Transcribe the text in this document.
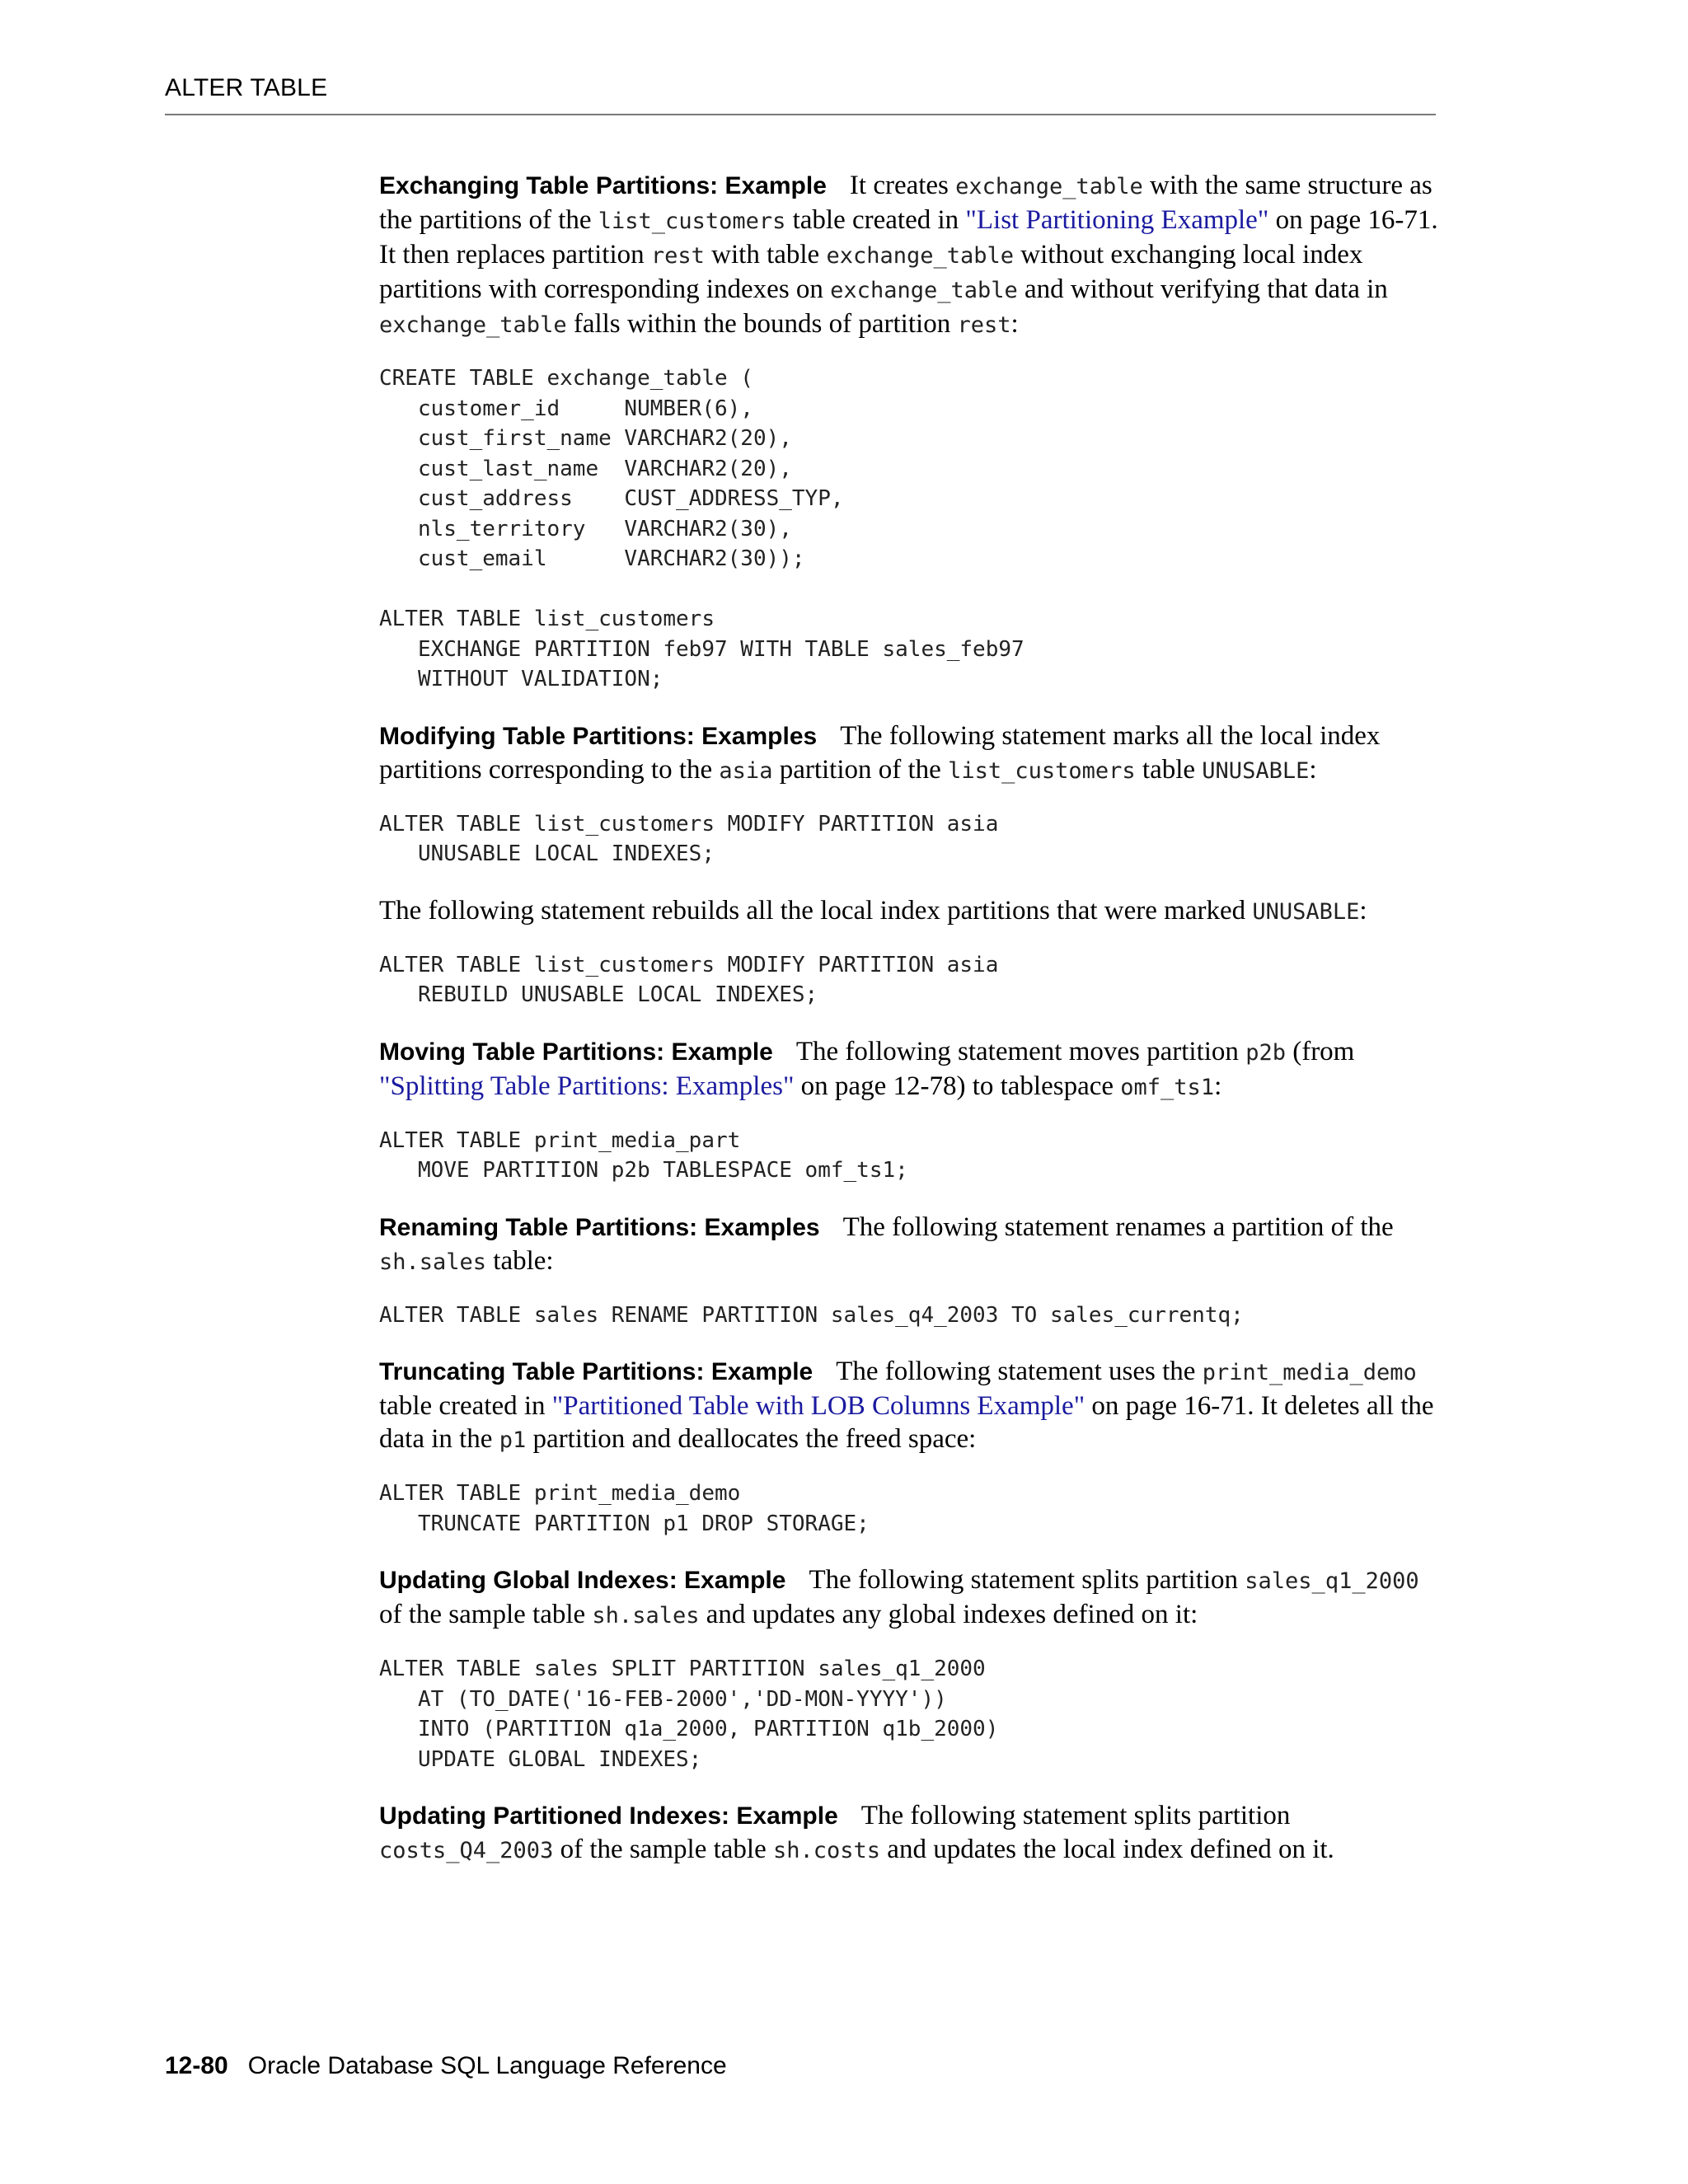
ALTER TABLE

Exchanging Table Partitions: Example It creates exchange_table with the same structure as the partitions of the list_customers table created in "List Partitioning Example" on page 16-71. It then replaces partition rest with table exchange_table without exchanging local index partitions with corresponding indexes on exchange_table and without verifying that data in exchange_table falls within the bounds of partition rest:

CREATE TABLE exchange_table (
customer_id     NUMBER(6),
cust_first_name VARCHAR2(20),
cust_last_name  VARCHAR2(20),
cust_address    CUST_ADDRESS_TYP,
nls_territory   VARCHAR2(30),
cust_email      VARCHAR2(30));

ALTER TABLE list_customers
EXCHANGE PARTITION feb97 WITH TABLE sales_feb97
WITHOUT VALIDATION;

Modifying Table Partitions: Examples The following statement marks all the local index partitions corresponding to the asia partition of the list_customers table UNUSABLE:

ALTER TABLE list_customers MODIFY PARTITION asia
UNUSABLE LOCAL INDEXES;

The following statement rebuilds all the local index partitions that were marked UNUSABLE:

ALTER TABLE list_customers MODIFY PARTITION asia
REBUILD UNUSABLE LOCAL INDEXES;

Moving Table Partitions: Example The following statement moves partition p2b (from "Splitting Table Partitions: Examples" on page 12-78) to tablespace omf_ts1:

ALTER TABLE print_media_part
MOVE PARTITION p2b TABLESPACE omf_ts1;

Renaming Table Partitions: Examples The following statement renames a partition of the sh.sales table:

ALTER TABLE sales RENAME PARTITION sales_q4_2003 TO sales_currentq;

Truncating Table Partitions: Example The following statement uses the print_media_demo table created in "Partitioned Table with LOB Columns Example" on page 16-71. It deletes all the data in the p1 partition and deallocates the freed space:

ALTER TABLE print_media_demo
TRUNCATE PARTITION p1 DROP STORAGE;

Updating Global Indexes: Example The following statement splits partition sales_q1_2000 of the sample table sh.sales and updates any global indexes defined on it:

ALTER TABLE sales SPLIT PARTITION sales_q1_2000
AT (TO_DATE('16-FEB-2000','DD-MON-YYYY'))
INTO (PARTITION q1a_2000, PARTITION q1b_2000)
UPDATE GLOBAL INDEXES;

Updating Partitioned Indexes: Example The following statement splits partition costs_Q4_2003 of the sample table sh.costs and updates the local index defined on it.

12-80 Oracle Database SQL Language Reference
